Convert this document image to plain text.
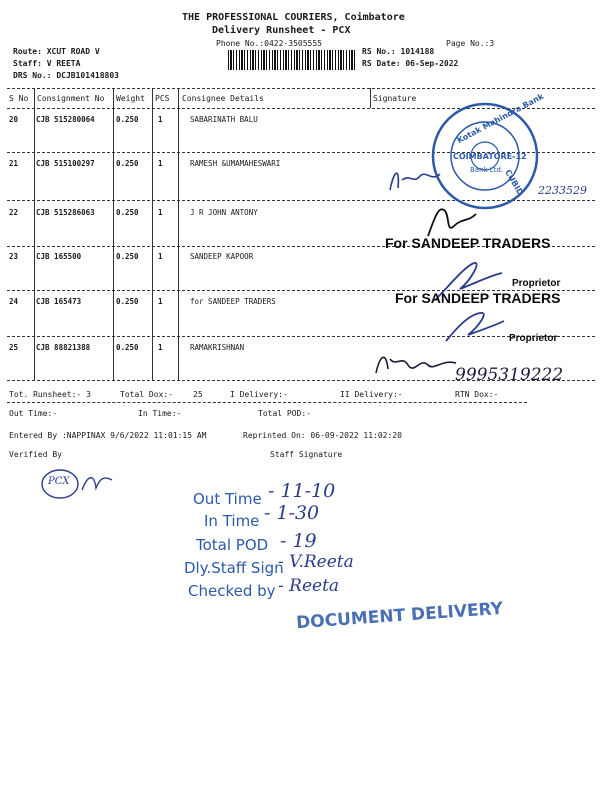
THE PROFESSIONAL COURIERS, Coimbatore
Delivery Runsheet - PCX
Phone No.:0422-3505555	Page No.:3
Route: XCUT ROAD V
Staff: V REETA
DRS No.: DCJB101418803
RS No.: 1014188
RS Date: 06-Sep-2022
S No Consignment No Weight PCS Consignee Details	Signature
20 CJB 515280064	0.250	1	SABARINATH BALU
21 CJB 515100297	0.250	1	RAMESH &UMAMAHESWARI
22 CJB 515286063	0.250	1	J R JOHN ANTONY
23 CJB 165500	0.250	1	SANDEEP KAPOOR
24 CJB 165473	0.250	1	for SANDEEP TRADERS
25 CJB 88821388	0.250	1	RAMAKRISHNAN
Kotak Mahindra Bank
COIMBATORE-12
CUBID
Bank Ltd.
2233529
For SANDEEP TRADERS
Proprietor
For SANDEEP TRADERS
Proprietor
9995319222
Tot. Runsheet:- 3	Total Dox:-	25	I Delivery:-	II Delivery:-	RTN Dox:-
Out Time:-	In Time:-	Total POD:-
Entered By :NAPPINAX 9/6/2022 11:01:15 AM	Reprinted On: 06-09-2022 11:02:20
Verified By	Staff Signature
PCX
Out Time - 11-10
In Time - 1-30
Total POD - 19
Dly.Staff Sign
- V.Reeta
Checked by - Reeta
DOCUMENT DELIVERY
